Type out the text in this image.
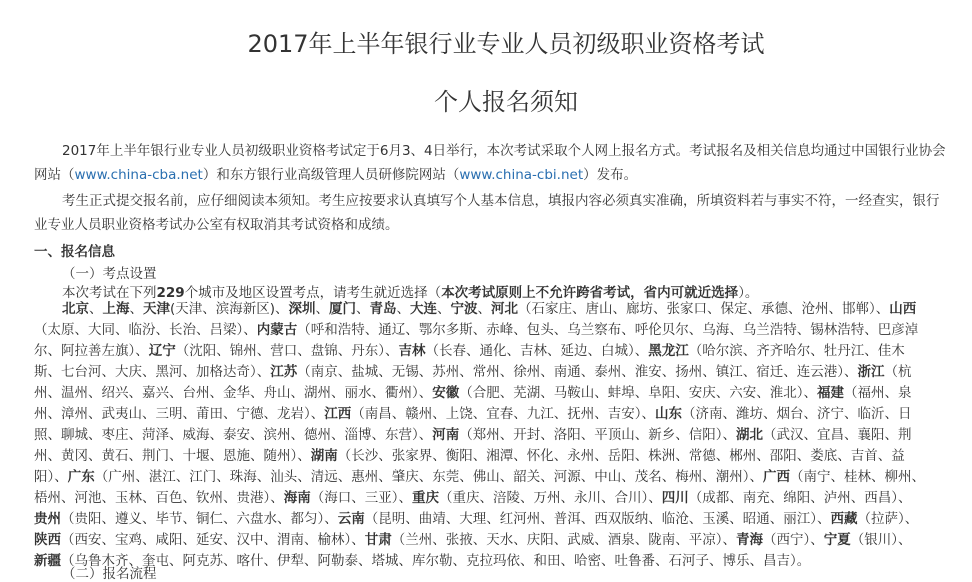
2017年上半年银行业专业人员初级职业资格考试
个人报名须知
2017年上半年银行业专业人员初级职业资格考试定于6月3、4日举行，本次考试采取个人网上报名方式。考试报名及相关信息均通过中国银行业协会
网站（www.china-cba.net）和东方银行业高级管理人员研修院网站（www.china-cbi.net）发布。
考生正式提交报名前，应仔细阅读本须知。考生应按要求认真填写个人基本信息，填报内容必须真实准确，所填资料若与事实不符，一经查实，银行
业专业人员职业资格考试办公室有权取消其考试资格和成绩。

一、报名信息

（一）考点设置

本次考试在下列229个城市及地区设置考点，请考生就近选择（本次考试原则上不允许跨省考试，省内可就近选择）。

北京、上海、天津(天津、滨海新区)、深圳、厦门、青岛、大连、宁波、河北（石家庄、唐山、廊坊、张家口、保定、承德、沧州、邯郸）、山西
（太原、大同、临汾、长治、吕梁）、内蒙古（呼和浩特、通辽、鄂尔多斯、赤峰、包头、乌兰察布、呼伦贝尔、乌海、乌兰浩特、锡林浩特、巴彦淖
尔、阿拉善左旗）、辽宁（沈阳、锦州、营口、盘锦、丹东）、吉林（长春、通化、吉林、延边、白城）、黑龙江（哈尔滨、齐齐哈尔、牡丹江、佳木
斯、七台河、大庆、黑河、加格达奇）、江苏（南京、盐城、无锡、苏州、常州、徐州、南通、泰州、淮安、扬州、镇江、宿迁、连云港）、浙江（杭
州、温州、绍兴、嘉兴、台州、金华、舟山、湖州、丽水、衢州）、安徽（合肥、芜湖、马鞍山、蚌埠、阜阳、安庆、六安、淮北）、福建（福州、泉
州、漳州、武夷山、三明、莆田、宁德、龙岩）、江西（南昌、赣州、上饶、宜春、九江、抚州、吉安）、山东（济南、潍坊、烟台、济宁、临沂、日
照、聊城、枣庄、菏泽、威海、泰安、滨州、德州、淄博、东营）、河南（郑州、开封、洛阳、平顶山、新乡、信阳）、湖北（武汉、宜昌、襄阳、荆
州、黄冈、黄石、荆门、十堰、恩施、随州）、湖南（长沙、张家界、衡阳、湘潭、怀化、永州、岳阳、株洲、常德、郴州、邵阳、娄底、吉首、益
阳）、广东（广州、湛江、江门、珠海、汕头、清远、惠州、肇庆、东莞、佛山、韶关、河源、中山、茂名、梅州、潮州）、广西（南宁、桂林、柳州、
梧州、河池、玉林、百色、钦州、贵港）、海南（海口、三亚）、重庆（重庆、涪陵、万州、永川、合川）、四川（成都、南充、绵阳、泸州、西昌）、
贵州（贵阳、遵义、毕节、铜仁、六盘水、都匀）、云南（昆明、曲靖、大理、红河州、普洱、西双版纳、临沧、玉溪、昭通、丽江）、西藏（拉萨）、
陕西（西安、宝鸡、咸阳、延安、汉中、渭南、榆林）、甘肃（兰州、张掖、天水、庆阳、武威、酒泉、陇南、平凉）、青海（西宁）、宁夏（银川）、
新疆（乌鲁木齐、奎屯、阿克苏、喀什、伊犁、阿勒泰、塔城、库尔勒、克拉玛依、和田、哈密、吐鲁番、石河子、博乐、昌吉）。

（二）报名流程
